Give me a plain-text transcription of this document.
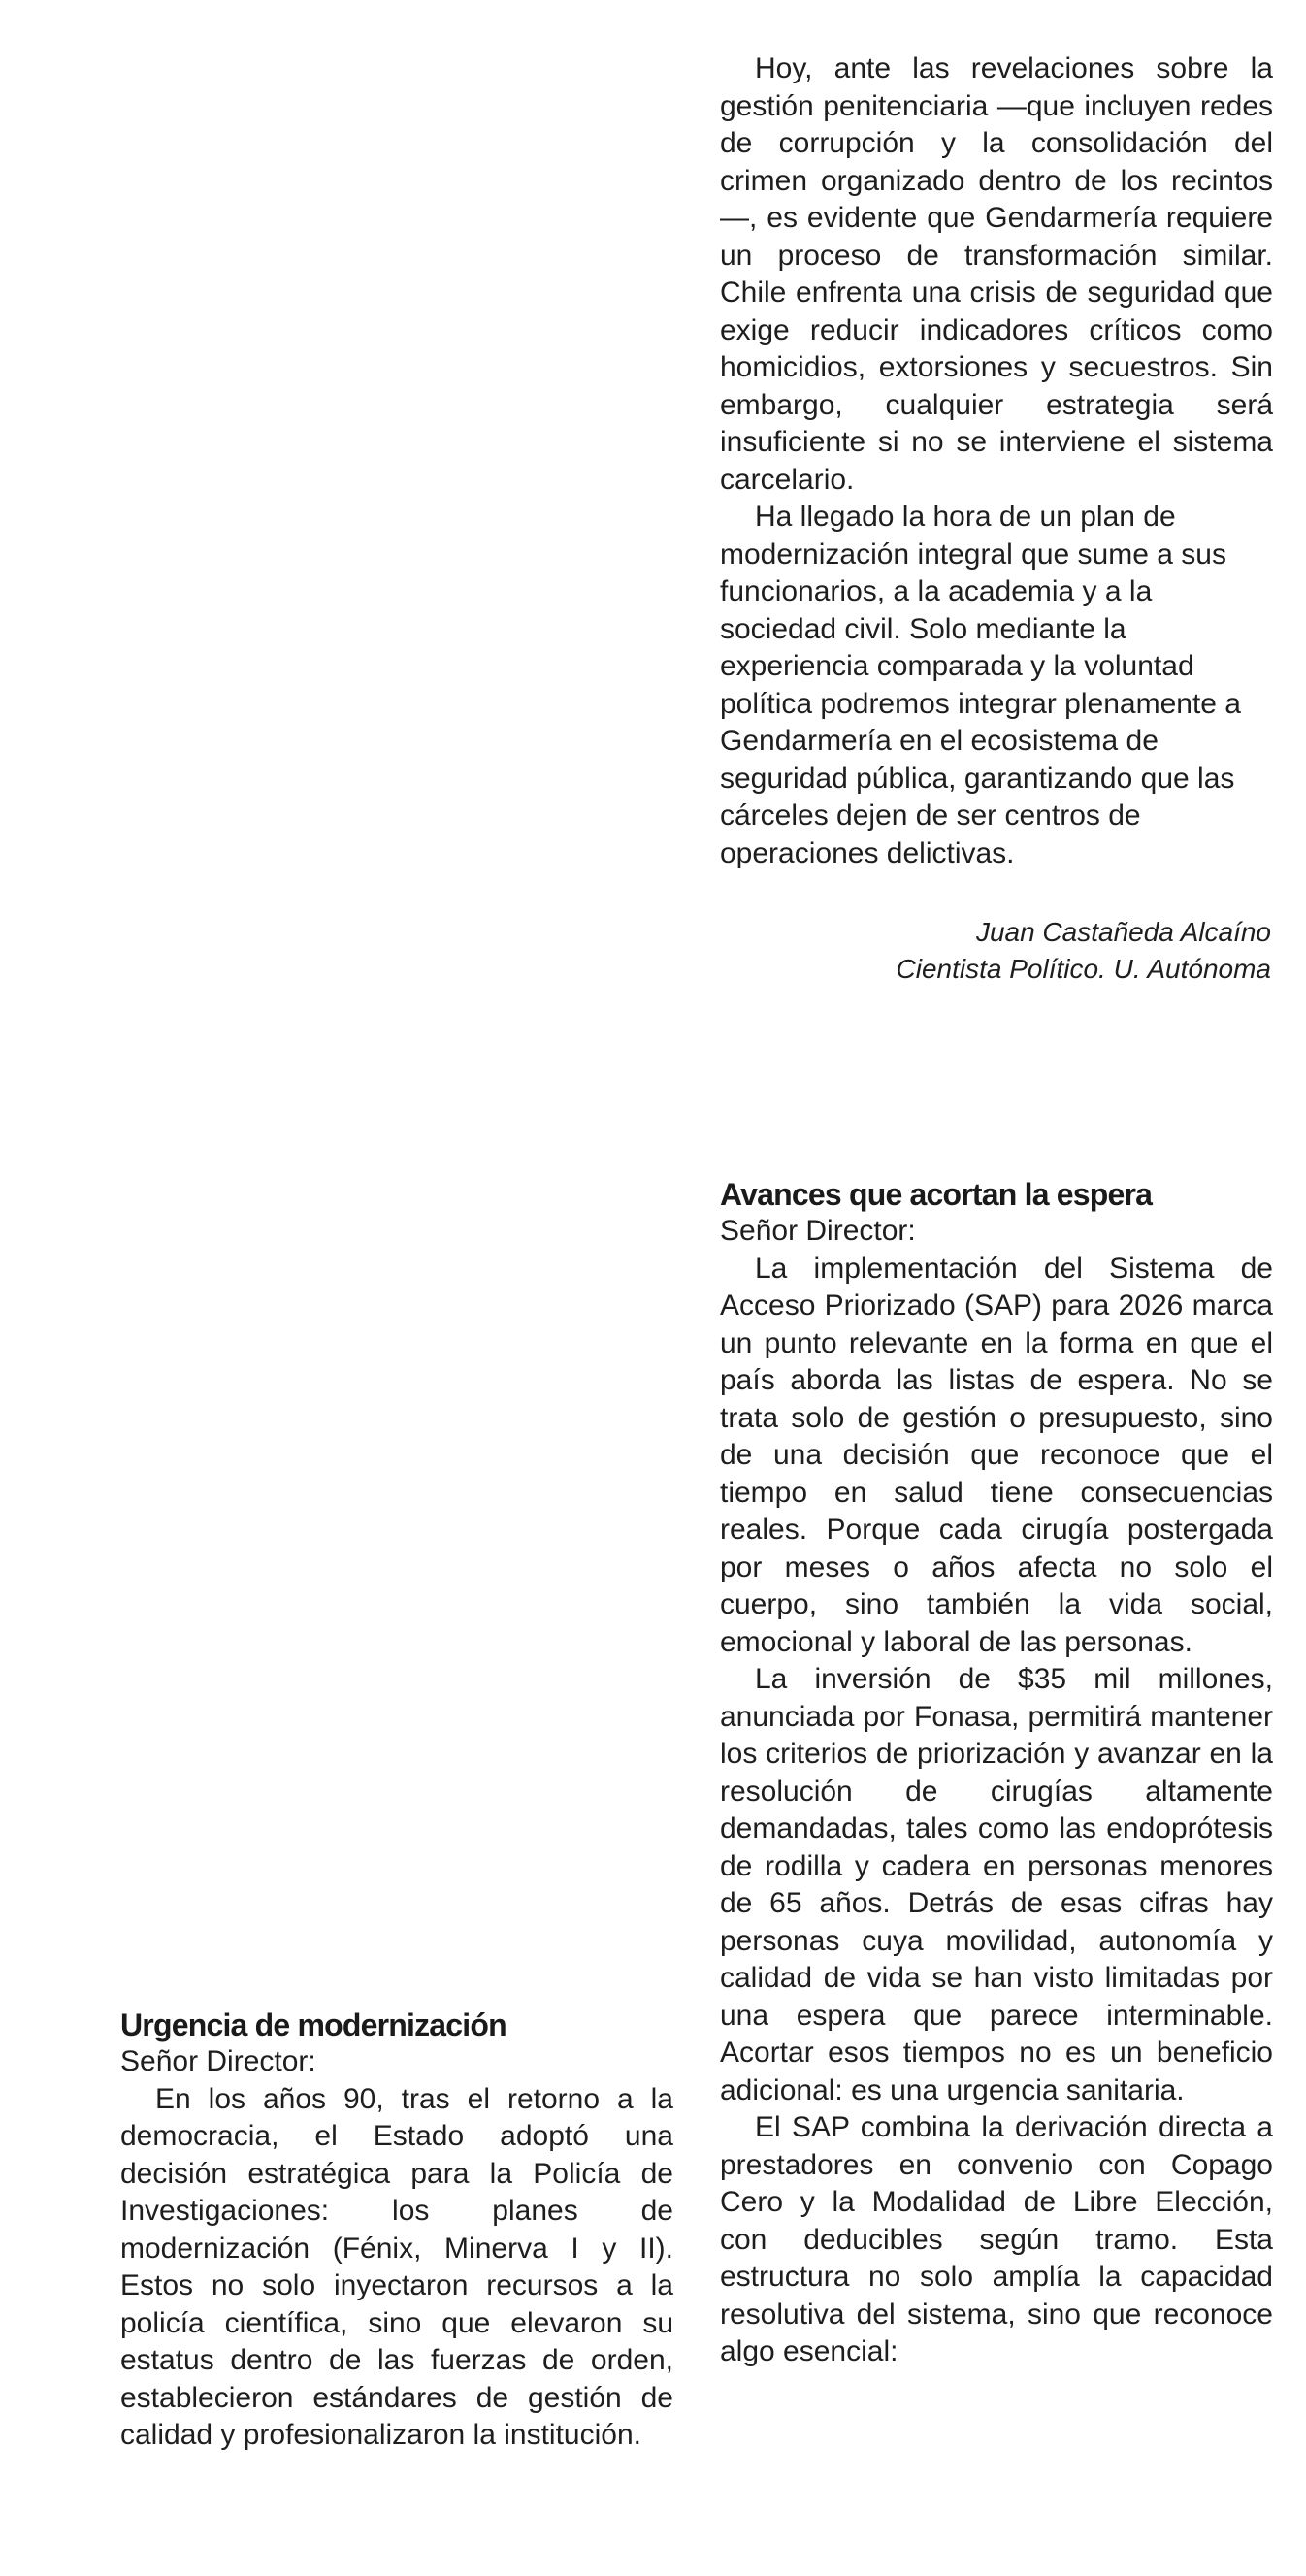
Hoy, ante las revelaciones sobre la gestión penitenciaria —que incluyen redes de corrupción y la consolidación del crimen organizado dentro de los recintos—, es evidente que Gendarmería requiere un proceso de transformación similar. Chile enfrenta una crisis de seguridad que exige reducir indicadores críticos como homicidios, extorsiones y secuestros. Sin embargo, cualquier estrategia será insuficiente si no se interviene el sistema carcelario.

Ha llegado la hora de un plan de modernización integral que sume a sus funcionarios, a la academia y a la sociedad civil. Solo mediante la experiencia comparada y la voluntad política podremos integrar plenamente a Gendarmería en el ecosistema de seguridad pública, garantizando que las cárceles dejen de ser centros de operaciones delictivas.

Juan Castañeda Alcaíno
Cientista Político. U. Autónoma
Avances que acortan la espera

Señor Director:

La implementación del Sistema de Acceso Priorizado (SAP) para 2026 marca un punto relevante en la forma en que el país aborda las listas de espera. No se trata solo de gestión o presupuesto, sino de una decisión que reconoce que el tiempo en salud tiene consecuencias reales. Porque cada cirugía postergada por meses o años afecta no solo el cuerpo, sino también la vida social, emocional y laboral de las personas.

La inversión de $35 mil millones, anunciada por Fonasa, permitirá mantener los criterios de priorización y avanzar en la resolución de cirugías altamente demandadas, tales como las endoprótesis de rodilla y cadera en personas menores de 65 años. Detrás de esas cifras hay personas cuya movilidad, autonomía y calidad de vida se han visto limitadas por una espera que parece interminable. Acortar esos tiempos no es un beneficio adicional: es una urgencia sanitaria.

El SAP combina la derivación directa a prestadores en convenio con Copago Cero y la Modalidad de Libre Elección, con deducibles según tramo. Esta estructura no solo amplía la capacidad resolutiva del sistema, sino que reconoce algo esencial:

Urgencia de modernización

Señor Director:

En los años 90, tras el retorno a la democracia, el Estado adoptó una decisión estratégica para la Policía de Investigaciones: los planes de modernización (Fénix, Minerva I y II). Estos no solo inyectaron recursos a la policía científica, sino que elevaron su estatus dentro de las fuerzas de orden, establecieron estándares de gestión de calidad y profesionalizaron la institución.
